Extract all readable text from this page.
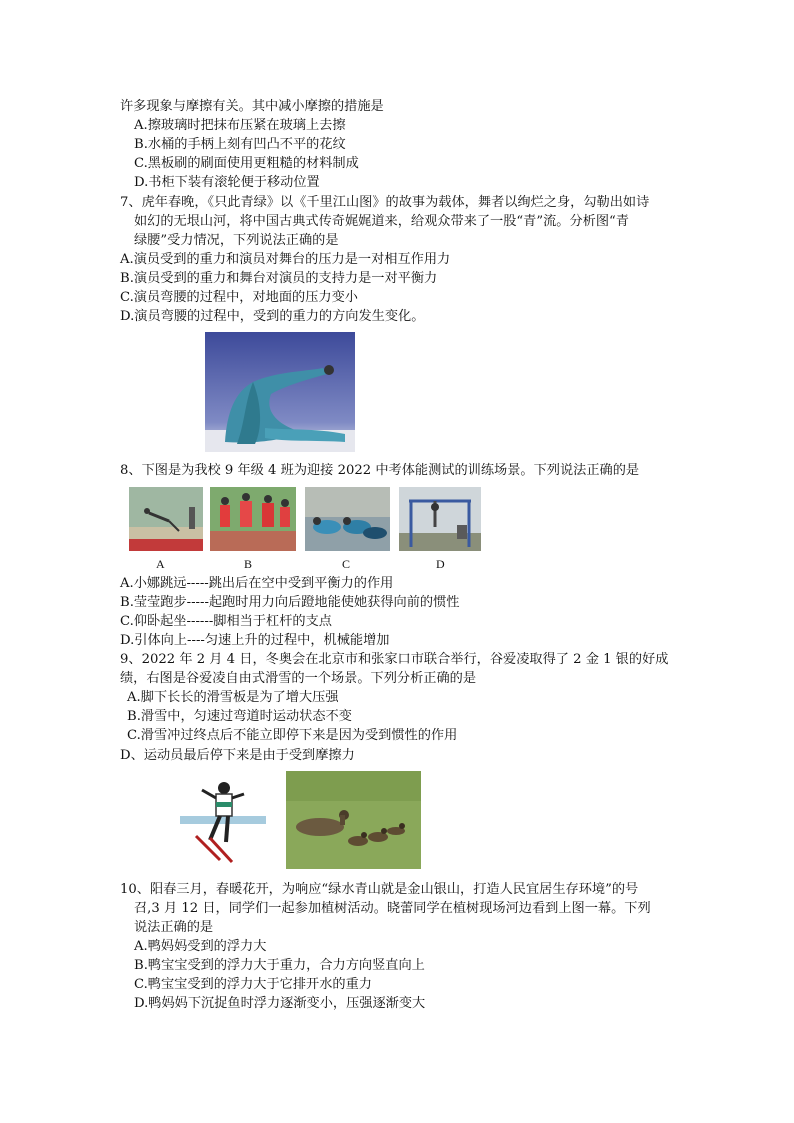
许多现象与摩擦有关。其中减小摩擦的措施是
A.擦玻璃时把抹布压紧在玻璃上去擦
B.水桶的手柄上刻有凹凸不平的花纹
C.黑板刷的刷面使用更粗糙的材料制成
D.书柜下装有滚轮便于移动位置
7、虎年春晚，《只此青绿》以《千里江山图》的故事为载体，舞者以绚烂之身，勾勒出如诗
如幻的无垠山河，将中国古典式传奇娓娓道来，给观众带来了一股“青”流。分析图“青
绿腰”受力情况，下列说法正确的是
A.演员受到的重力和演员对舞台的压力是一对相互作用力
B.演员受到的重力和舞台对演员的支持力是一对平衡力
C.演员弯腰的过程中，对地面的压力变小
D.演员弯腰的过程中，受到的重力的方向发生变化。
8、下图是为我校 9 年级 4 班为迎接 2022 中考体能测试的训练场景。下列说法正确的是
A	B	C	D
A.小娜跳远-----跳出后在空中受到平衡力的作用
B.莹莹跑步-----起跑时用力向后蹬地能使她获得向前的惯性
C.仰卧起坐------脚相当于杠杆的支点
D.引体向上----匀速上升的过程中，机械能增加
9、2022 年 2 月 4 日，冬奥会在北京市和张家口市联合举行，谷爱凌取得了 2 金 1 银的好成
绩，右图是谷爱凌自由式滑雪的一个场景。下列分析正确的是
A.脚下长长的滑雪板是为了增大压强
B.滑雪中，匀速过弯道时运动状态不变
C.滑雪冲过终点后不能立即停下来是因为受到惯性的作用
D、运动员最后停下来是由于受到摩擦力
10、阳春三月，春暖花开，为响应“绿水青山就是金山银山，打造人民宜居生存环境”的号
召,3 月 12 日，同学们一起参加植树活动。晓蕾同学在植树现场河边看到上图一幕。下列
说法正确的是
A.鸭妈妈受到的浮力大
B.鸭宝宝受到的浮力大于重力，合力方向竖直向上
C.鸭宝宝受到的浮力大于它排开水的重力
D.鸭妈妈下沉捉鱼时浮力逐渐变小，压强逐渐变大
